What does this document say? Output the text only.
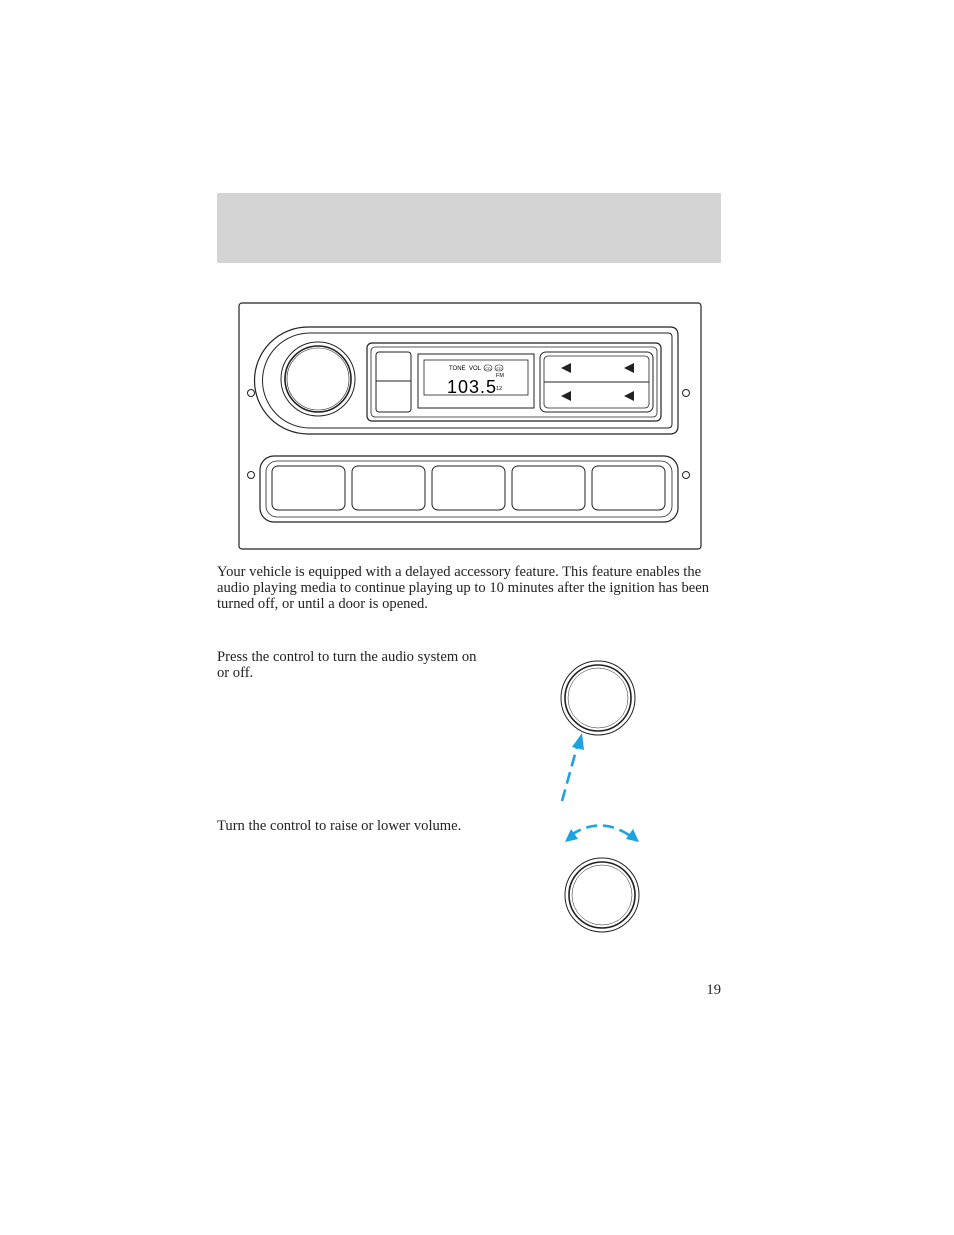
TONE VOL CD CD
FM
103.5
12

Your vehicle is equipped with a delayed accessory feature. This feature enables the audio playing media to continue playing up to 10 minutes after the ignition has been turned off, or until a door is opened.

Press the control to turn the audio system on or off.

Turn the control to raise or lower volume.

19
